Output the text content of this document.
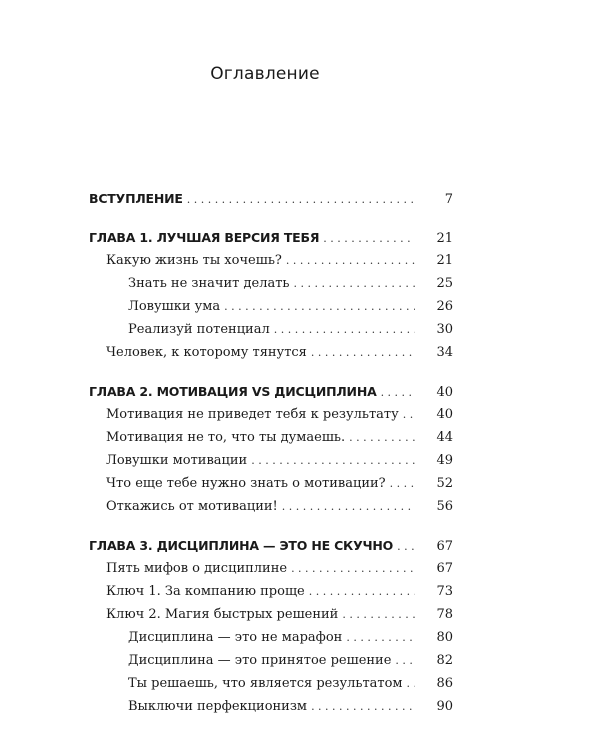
Оглавление
ВСТУПЛЕНИЕ . . .	7
ГЛАВА 1. ЛУЧШАЯ ВЕРСИЯ ТЕБЯ . . .	21
Какую жизнь ты хочешь? . . .	21
Знать не значит делать . . .	25
Ловушки ума . . .	26
Реализуй потенциал . . .	30
Человек, к которому тянутся . . .	34
ГЛАВА 2. МОТИВАЦИЯ VS ДИСЦИПЛИНА . . .	40
Мотивация не приведет тебя к результату . . .	40
Мотивация не то, что ты думаешь. . . .	44
Ловушки мотивации . . .	49
Что еще тебе нужно знать о мотивации? . . .	52
Откажись от мотивации! . . .	56
ГЛАВА 3. ДИСЦИПЛИНА — ЭТО НЕ СКУЧНО . . .	67
Пять мифов о дисциплине . . .	67
Ключ 1. За компанию проще . . .	73
Ключ 2. Магия быстрых решений . . .	78
Дисциплина — это не марафон . . .	80
Дисциплина — это принятое решение . . .	82
Ты решаешь, что является результатом . . .	86
Выключи перфекционизм . . .	90
